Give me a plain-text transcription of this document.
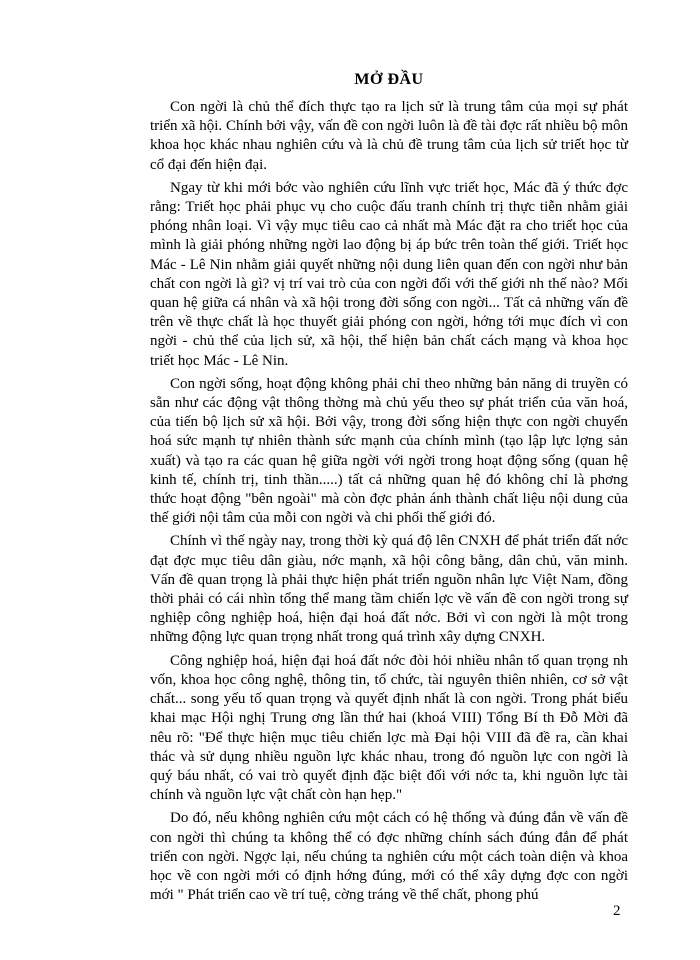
MỞ ĐẦU

Con ngời là chủ thể đích thực tạo ra lịch sử là trung tâm của mọi sự phát triển xã hội. Chính bởi vậy, vấn đề con ngời luôn là đề tài đợc rất nhiều bộ môn khoa học khác nhau nghiên cứu và là chủ đề trung tâm của lịch sử triết học từ cổ đại đến hiện đại.

Ngay từ khi mới bớc vào nghiên cứu lĩnh vực triết học, Mác đã ý thức đợc rằng: Triết học phải phục vụ cho cuộc đấu tranh chính trị thực tiễn nhằm giải phóng nhân loại. Vì vậy mục tiêu cao cả nhất mà Mác đặt ra cho triết học của mình là giải phóng những ngời lao động bị áp bức trên toàn thế giới. Triết học Mác - Lê Nin nhằm giải quyết những nội dung liên quan đến con ngời như bản chất con ngời là gì? vị trí vai trò của con ngời đối với thế giới nh thế nào? Mối quan hệ giữa cá nhân và xã hội trong đời sống con ngời... Tất cả những vấn đề trên về thực chất là học thuyết giải phóng con ngời, hớng tới mục đích vì con ngời - chủ thể của lịch sử, xã hội, thể hiện bản chất cách mạng và khoa học triết học Mác - Lê Nin.

Con ngời sống, hoạt động không phải chỉ theo những bản năng di truyền có sẵn như các động vật thông thờng mà chủ yếu theo sự phát triển của văn hoá, của tiến bộ lịch sử xã hội. Bởi vậy, trong đời sống hiện thực con ngời chuyển hoá sức mạnh tự nhiên thành sức mạnh của chính mình (tạo lập lực lợng sản xuất) và tạo ra các quan hệ giữa ngời với ngời trong hoạt động sống (quan hệ kinh tế, chính trị, tinh thần.....) tất cả những quan hệ đó không chỉ là phơng thức hoạt động "bên ngoài" mà còn đợc phản ánh thành chất liệu nội dung của thế giới nội tâm của mỗi con ngời và chi phối thế giới đó.

Chính vì thế ngày nay, trong thời kỳ quá độ lên CNXH để phát triển đất nớc đạt đợc mục tiêu dân giàu, nớc mạnh, xã hội công bằng, dân chủ, văn minh. Vấn đề quan trọng là phải thực hiện phát triển nguồn nhân lực Việt Nam, đồng thời phải có cái nhìn tổng thể mang tầm chiến lợc về vấn đề con ngời trong sự nghiệp công nghiệp hoá, hiện đại hoá đất nớc. Bởi vì con ngời là một trong những động lực quan trọng nhất trong quá trình xây dựng CNXH.

Công nghiệp hoá, hiện đại hoá đất nớc đòi hỏi nhiều nhân tố quan trọng nh vốn, khoa học công nghệ, thông tin, tổ chức, tài nguyên thiên nhiên, cơ sở vật chất... song yếu tố quan trọng và quyết định nhất là con ngời. Trong phát biểu khai mạc Hội nghị Trung ơng lần thứ hai (khoá VIII) Tổng Bí th Đỗ Mời đã nêu rõ: "Để thực hiện mục tiêu chiến lợc mà Đại hội VIII đã đề ra, cần khai thác và sử dụng nhiều nguồn lực khác nhau, trong đó nguồn lực con ngời là quý báu nhất, có vai trò quyết định đặc biệt đối với nớc ta, khi nguồn lực tài chính và nguồn lực vật chất còn hạn hẹp."

Do đó, nếu không nghiên cứu một cách có hệ thống và đúng đắn về vấn đề con ngời thì chúng ta không thể có đợc những chính sách đúng đắn để phát triển con ngời. Ngợc lại, nếu chúng ta nghiên cứu một cách toàn diện và khoa học về con ngời mới có định hớng đúng, mới có thể xây dựng đợc con ngời mới " Phát triển cao về trí tuệ, cờng tráng về thể chất, phong phú

2
